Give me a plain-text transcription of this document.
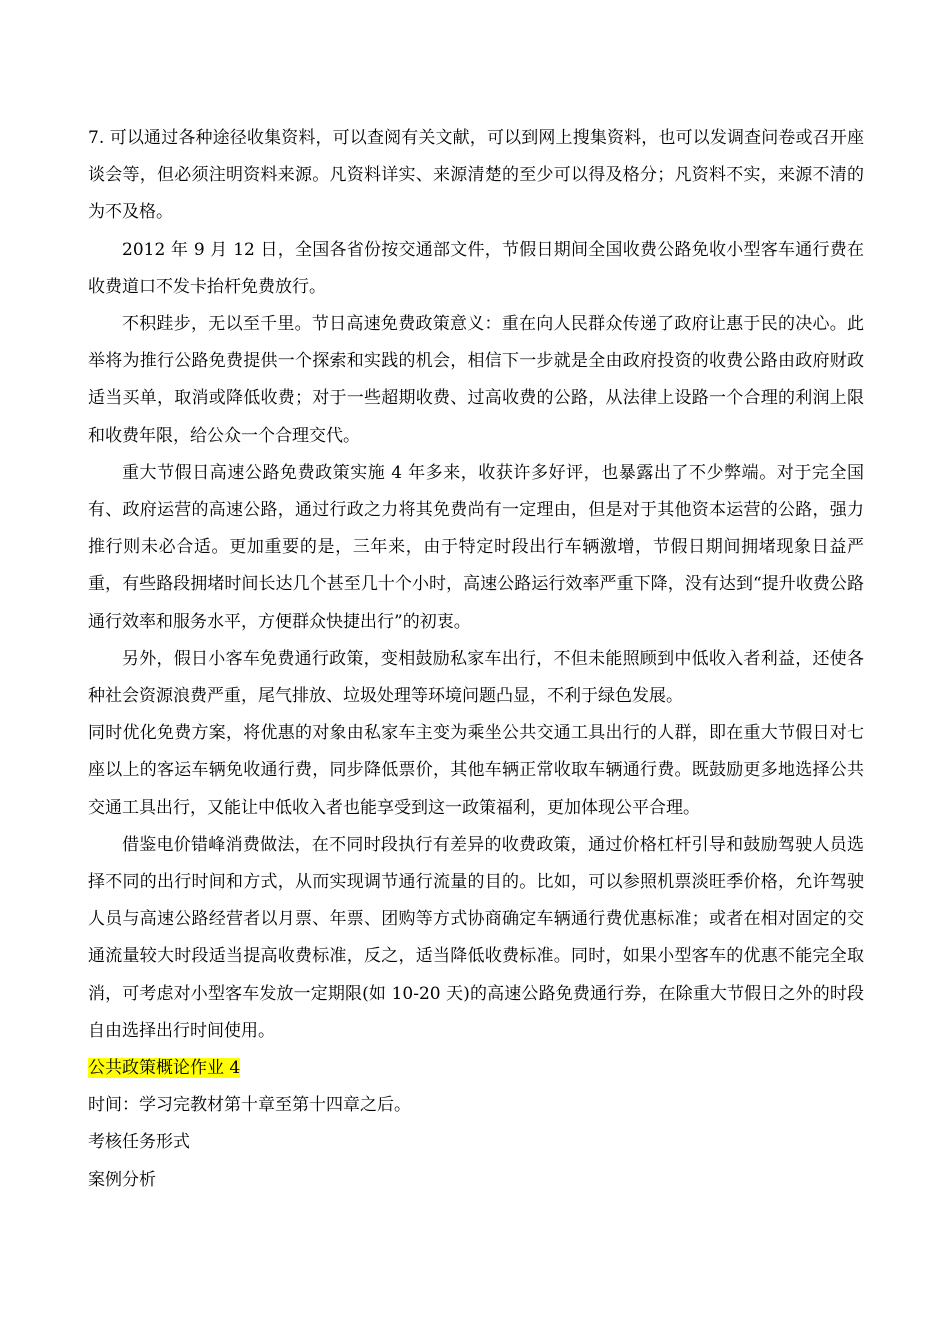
7. 可以通过各种途径收集资料，可以查阅有关文献，可以到网上搜集资料，也可以发调查问卷或召开座谈会等，但必须注明资料来源。凡资料详实、来源清楚的至少可以得及格分；凡资料不实，来源不清的为不及格。

2012 年 9 月 12 日，全国各省份按交通部文件，节假日期间全国收费公路免收小型客车通行费在收费道口不发卡抬杆免费放行。

不积跬步，无以至千里。节日高速免费政策意义：重在向人民群众传递了政府让惠于民的决心。此举将为推行公路免费提供一个探索和实践的机会，相信下一步就是全由政府投资的收费公路由政府财政适当买单，取消或降低收费；对于一些超期收费、过高收费的公路，从法律上设路一个合理的利润上限和收费年限，给公众一个合理交代。

重大节假日高速公路免费政策实施 4 年多来，收获许多好评，也暴露出了不少弊端。对于完全国有、政府运营的高速公路，通过行政之力将其免费尚有一定理由，但是对于其他资本运营的公路，强力推行则未必合适。更加重要的是，三年来，由于特定时段出行车辆激增，节假日期间拥堵现象日益严重，有些路段拥堵时间长达几个甚至几十个小时，高速公路运行效率严重下降，没有达到“提升收费公路通行效率和服务水平，方便群众快捷出行”的初衷。

另外，假日小客车免费通行政策，变相鼓励私家车出行，不但未能照顾到中低收入者利益，还使各种社会资源浪费严重，尾气排放、垃圾处理等环境问题凸显，不利于绿色发展。

同时优化免费方案，将优惠的对象由私家车主变为乘坐公共交通工具出行的人群，即在重大节假日对七座以上的客运车辆免收通行费，同步降低票价，其他车辆正常收取车辆通行费。既鼓励更多地选择公共交通工具出行，又能让中低收入者也能享受到这一政策福利，更加体现公平合理。

借鉴电价错峰消费做法，在不同时段执行有差异的收费政策，通过价格杠杆引导和鼓励驾驶人员选择不同的出行时间和方式，从而实现调节通行流量的目的。比如，可以参照机票淡旺季价格，允许驾驶人员与高速公路经营者以月票、年票、团购等方式协商确定车辆通行费优惠标准；或者在相对固定的交通流量较大时段适当提高收费标准，反之，适当降低收费标准。同时，如果小型客车的优惠不能完全取消，可考虑对小型客车发放一定期限(如 10-20 天)的高速公路免费通行券，在除重大节假日之外的时段自由选择出行时间使用。

公共政策概论作业 4

时间：学习完教材第十章至第十四章之后。

考核任务形式

案例分析
